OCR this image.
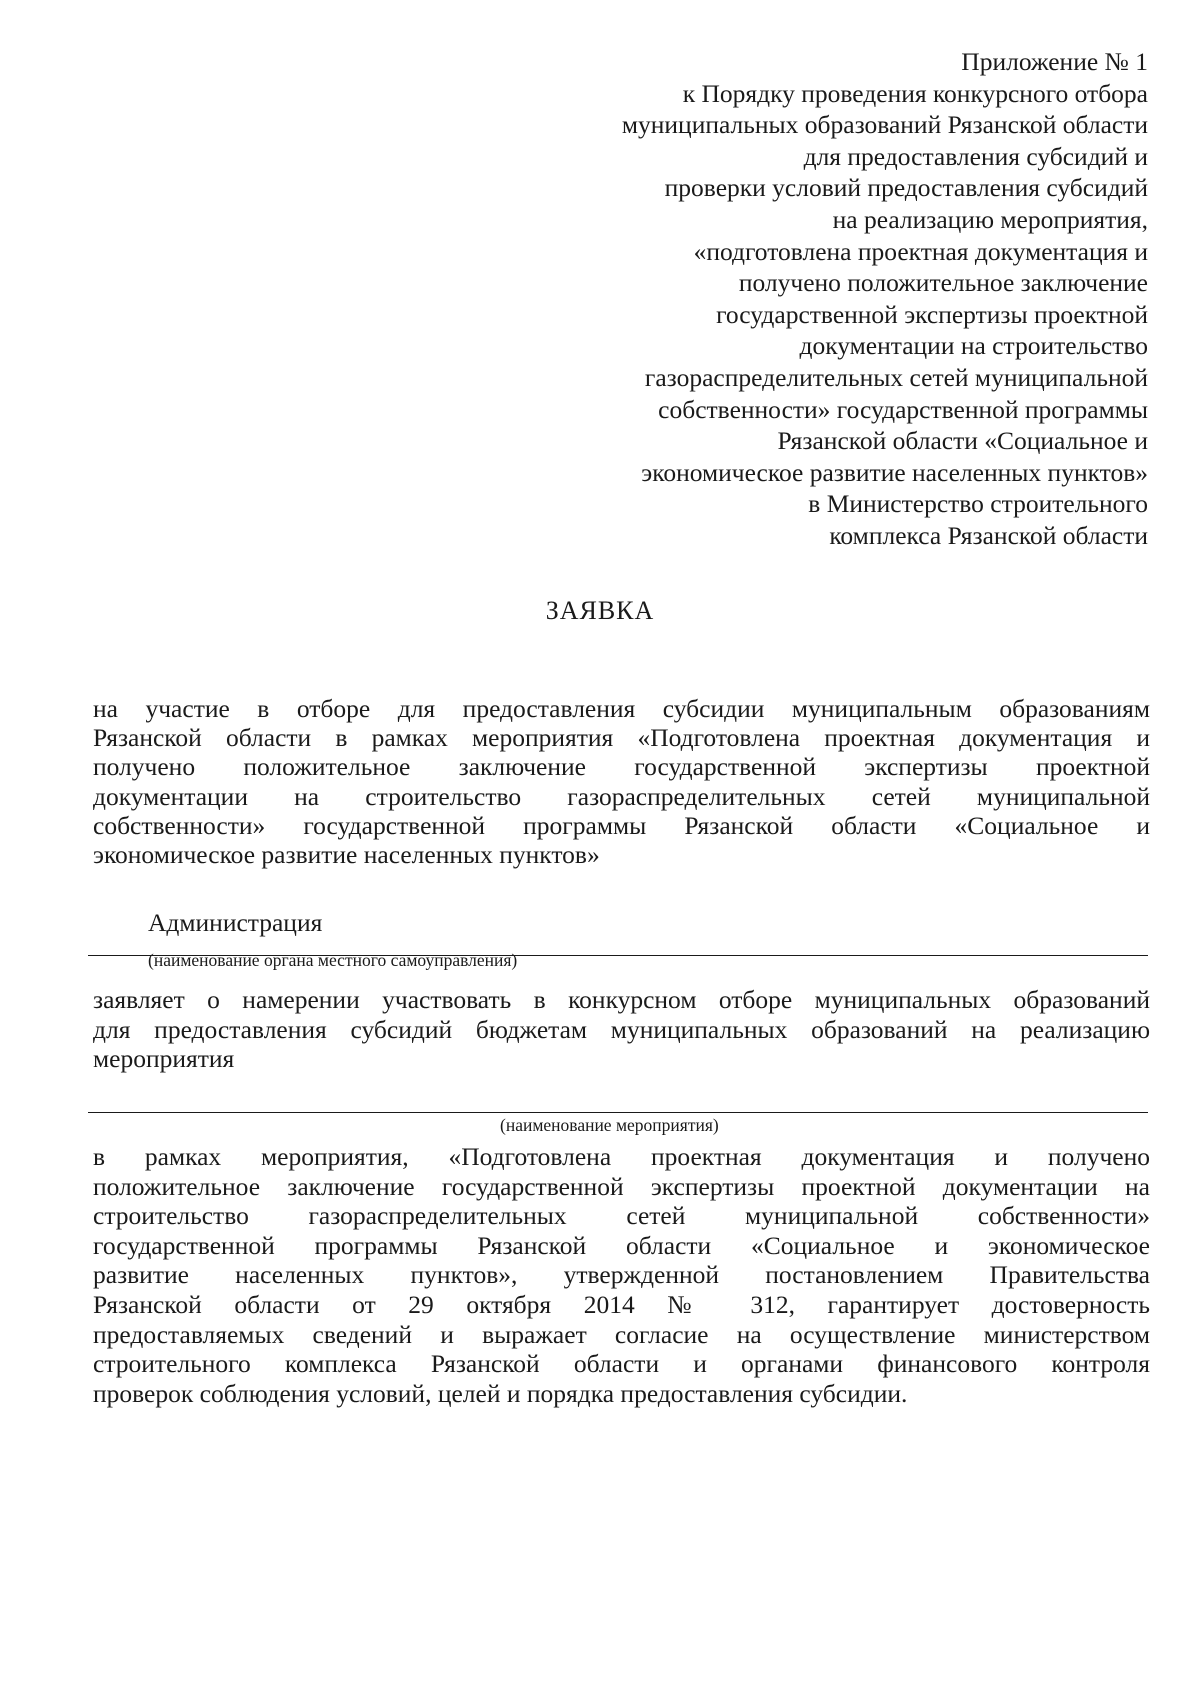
Приложение № 1
к Порядку проведения конкурсного отбора
муниципальных образований Рязанской области
для предоставления субсидий и
проверки условий предоставления субсидий
на реализацию мероприятия,
«подготовлена проектная документация и
получено положительное заключение
государственной экспертизы проектной
документации на строительство
газораспределительных сетей муниципальной
собственности» государственной программы
Рязанской области «Социальное и
экономическое развитие населенных пунктов»
в Министерство строительного
комплекса Рязанской области
ЗАЯВКА
на участие в отборе для предоставления субсидии муниципальным образованиям
Рязанской области в рамках мероприятия «Подготовлена проектная документация и
получено положительное заключение государственной экспертизы проектной
документации на строительство газораспределительных сетей муниципальной
собственности» государственной программы Рязанской области «Социальное и
экономическое развитие населенных пунктов»
Администрация
(наименование органа местного самоуправления)
заявляет о намерении участвовать в конкурсном отборе муниципальных образований
для предоставления субсидий бюджетам муниципальных образований на реализацию
мероприятия
(наименование мероприятия)
в рамках мероприятия, «Подготовлена проектная документация и получено
положительное заключение государственной экспертизы проектной документации на
строительство газораспределительных сетей муниципальной собственности»
государственной программы Рязанской области «Социальное и экономическое
развитие населенных пунктов», утвержденной постановлением Правительства
Рязанской области от 29 октября 2014 № 312, гарантирует достоверность
предоставляемых сведений и выражает согласие на осуществление министерством
строительного комплекса Рязанской области и органами финансового контроля
проверок соблюдения условий, целей и порядка предоставления субсидии.
